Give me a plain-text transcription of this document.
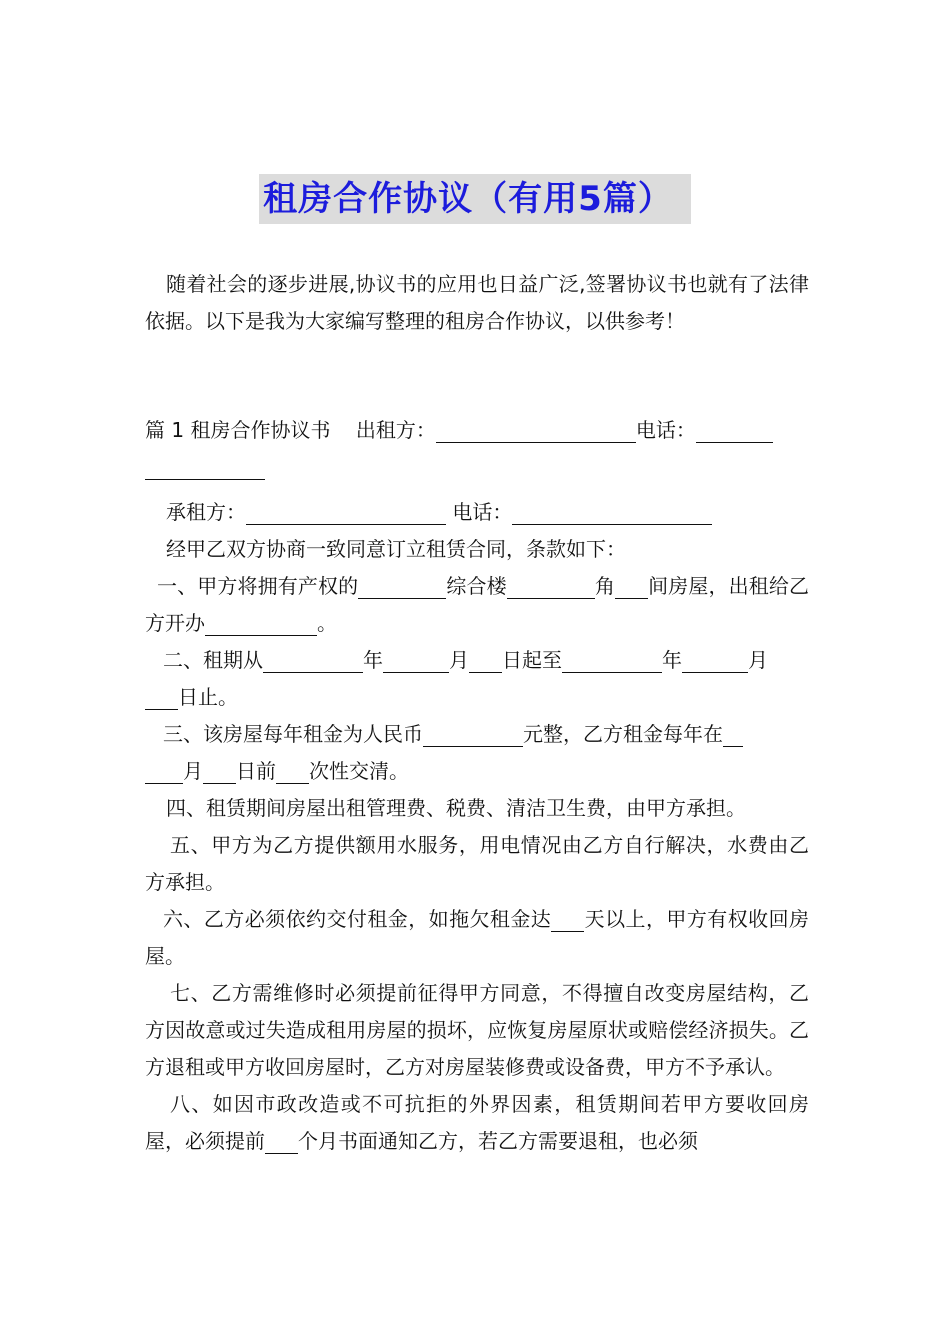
租房合作协议（有用5篇）

随着社会的逐步进展,协议书的应用也日益广泛,签署协议书也就有了法律依据。以下是我为大家编写整理的租房合作协议，以供参考！

篇 1 租房合作协议书 出租方：	电话：

承租方：	电话：

经甲乙双方协商一致同意订立租赁合同，条款如下：

一、甲方将拥有产权的	综合楼	角 间房屋，出租给乙方开办	。

二、租期从	年	月 日起至	年	月
日止。

三、该房屋每年租金为人民币	元整，乙方租金每年在
月 日前 次性交清。

四、租赁期间房屋出租管理费、税费、清洁卫生费，由甲方承担。

五、甲方为乙方提供额用水服务，用电情况由乙方自行解决，水费由乙方承担。

六、乙方必须依约交付租金，如拖欠租金达 天以上，甲方有权收回房屋。

七、乙方需维修时必须提前征得甲方同意，不得擅自改变房屋结构，乙方因故意或过失造成租用房屋的损坏，应恢复房屋原状或赔偿经济损失。乙方退租或甲方收回房屋时，乙方对房屋装修费或设备费，甲方不予承认。

八、如因市政改造或不可抗拒的外界因素，租赁期间若甲方要收回房屋，必须提前 个月书面通知乙方，若乙方需要退租，也必须
